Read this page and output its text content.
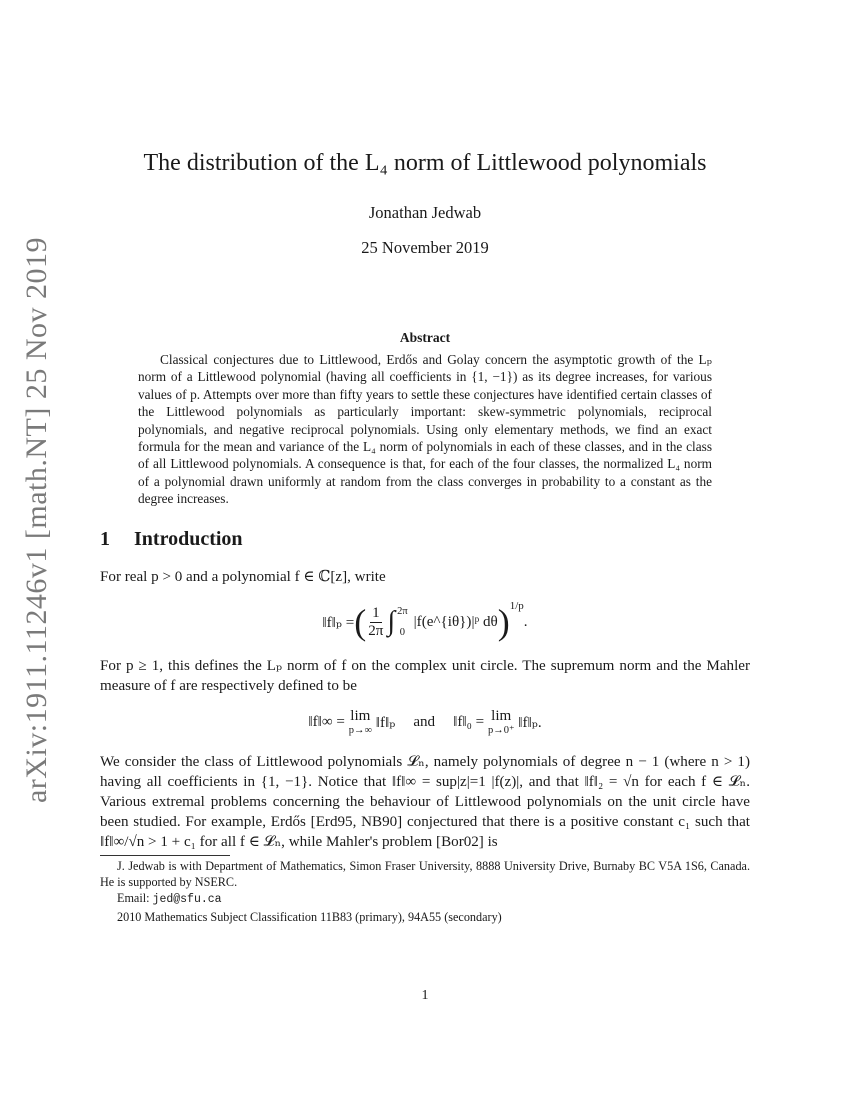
arXiv:1911.11246v1 [math.NT] 25 Nov 2019
The distribution of the L₄ norm of Littlewood polynomials
Jonathan Jedwab
25 November 2019
Abstract

Classical conjectures due to Littlewood, Erdős and Golay concern the asymptotic growth of the Lₚ norm of a Littlewood polynomial (having all coefficients in {1, −1}) as its degree increases, for various values of p. Attempts over more than fifty years to settle these conjectures have identified certain classes of the Littlewood polynomials as particularly important: skew-symmetric polynomials, reciprocal polynomials, and negative reciprocal polynomials. Using only elementary methods, we find an exact formula for the mean and variance of the L₄ norm of polynomials in each of these classes, and in the class of all Littlewood polynomials. A consequence is that, for each of the four classes, the normalized L₄ norm of a polynomial drawn uniformly at random from the class converges in probability to a constant as the degree increases.

1 Introduction

For real p > 0 and a polynomial f ∈ ℂ[z], write

‖f‖ₚ = ( $\frac{1}{2\pi}$ ∫ 2π
0
|f(e^{iθ})|ᵖ dθ ) 1/p
.

For p ≥ 1, this defines the Lₚ norm of f on the complex unit circle. The supremum norm and the Mahler measure of f are respectively defined to be

‖f‖∞ =
lim
p→∞
‖f‖ₚ and ‖f‖₀ =
lim
p→0⁺
‖f‖ₚ.

We consider the class of Littlewood polynomials 𝓛ₙ, namely polynomials of degree n − 1 (where n > 1) having all coefficients in {1, −1}. Notice that ‖f‖∞ = sup|z|=1 |f(z)|, and that ‖f‖₂ = √n for each f ∈ 𝓛ₙ. Various extremal problems concerning the behaviour of Littlewood polynomials on the unit circle have been studied. For example, Erdős [Erd95, NB90] conjectured that there is a positive constant c₁ such that ‖f‖∞/√n > 1 + c₁ for all f ∈ 𝓛ₙ, while Mahler's problem [Bor02] is

J. Jedwab is with Department of Mathematics, Simon Fraser University, 8888 University Drive, Burnaby BC V5A 1S6, Canada. He is supported by NSERC.
Email: jed@sfu.ca
2010 Mathematics Subject Classification 11B83 (primary), 94A55 (secondary)
1
